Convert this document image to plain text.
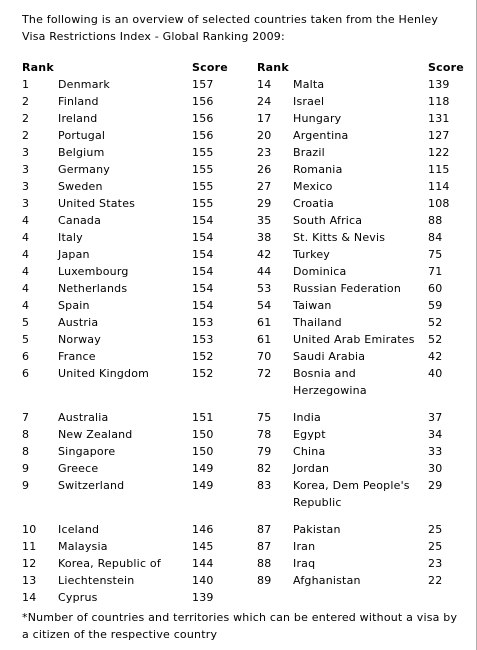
The following is an overview of selected countries taken from the Henley Visa Restrictions Index - Global Ranking 2009:
Rank		Score	Rank		Score
1	Denmark	157	14	Malta	139
2	Finland	156	24	Israel	118
2	Ireland	156	17	Hungary	131
2	Portugal	156	20	Argentina	127
3	Belgium	155	23	Brazil	122
3	Germany	155	26	Romania	115
3	Sweden	155	27	Mexico	114
3	United States	155	29	Croatia	108
4	Canada	154	35	South Africa	88
4	Italy	154	38	St. Kitts & Nevis	84
4	Japan	154	42	Turkey	75
4	Luxembourg	154	44	Dominica	71
4	Netherlands	154	53	Russian Federation	60
4	Spain	154	54	Taiwan	59
5	Austria	153	61	Thailand	52
5	Norway	153	61	United Arab Emirates	52
6	France	152	70	Saudi Arabia	42
6	United Kingdom	152	72	Bosnia and Herzegowina	40

7	Australia	151	75	India	37
8	New Zealand	150	78	Egypt	34
8	Singapore	150	79	China	33
9	Greece	149	82	Jordan	30
9	Switzerland	149	83	Korea, Dem People's Republic	29

10	Iceland	146	87	Pakistan	25
11	Malaysia	145	87	Iran	25
12	Korea, Republic of	144	88	Iraq	23
13	Liechtenstein	140	89	Afghanistan	22
14	Cyprus	139			
*Number of countries and territories which can be entered without a visa by a citizen of the respective country
